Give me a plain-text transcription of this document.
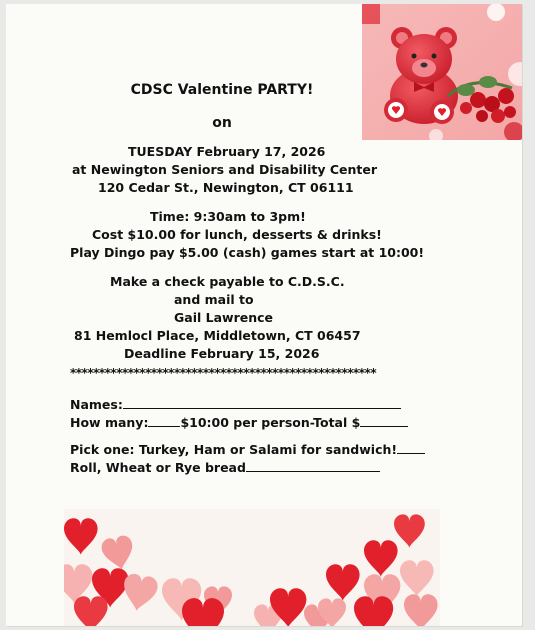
CDSC Valentine PARTY!
on
TUESDAY February 17, 2026
at Newington Seniors and Disability Center
120 Cedar St., Newington, CT 06111
Time: 9:30am to 3pm!
Cost $10.00 for lunch, desserts & drinks!
Play Dingo pay $5.00 (cash) games start at 10:00!
Make a check payable to C.D.S.C.
and mail to
Gail Lawrence
81 Hemlocl Place, Middletown, CT 06457
Deadline February 15, 2026
*****************************************************
Names:
How many:	$10:00 per person-Total $
Pick one: Turkey, Ham or Salami for sandwich!
Roll, Wheat or Rye bread
